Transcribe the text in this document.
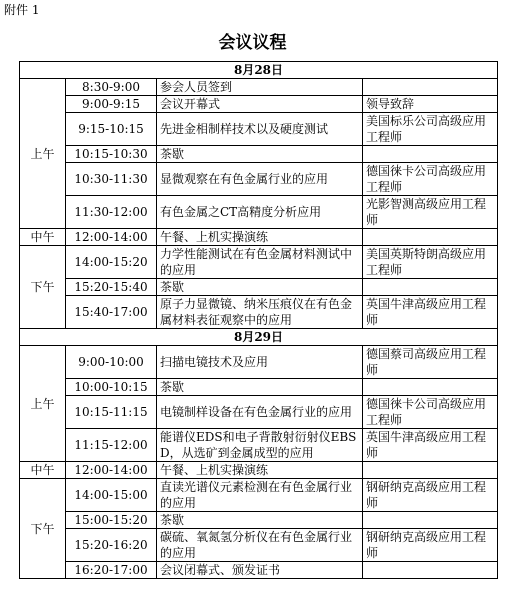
附件 1
会议议程
8月28日			
上午	8:30-9:00	参会人员签到	
	9:00-9:15	会议开幕式	领导致辞
	9:15-10:15	先进金相制样技术以及硬度测试	美国标乐公司高级应用工程师
	10:15-10:30	茶歇	
	10:30-11:30	显微观察在有色金属行业的应用	德国徕卡公司高级应用工程师
	11:30-12:00	有色金属之CT高精度分析应用	光影智测高级应用工程师
中午	12:00-14:00	午餐、上机实操演练	
下午	14:00-15:20	力学性能测试在有色金属材料测试中的应用	美国英斯特朗高级应用工程师
	15:20-15:40	茶歇	
	15:40-17:00	原子力显微镜、纳米压痕仪在有色金属材料表征观察中的应用	英国牛津高级应用工程师
8月29日			
上午	9:00-10:00	扫描电镜技术及应用	德国蔡司高级应用工程师
	10:00-10:15	茶歇	
	10:15-11:15	电镜制样设备在有色金属行业的应用	德国徕卡公司高级应用工程师
	11:15-12:00	能谱仪EDS和电子背散射衍射仪EBSD，从选矿到金属成型的应用	英国牛津高级应用工程师
中午	12:00-14:00	午餐、上机实操演练	
下午	14:00-15:00	直读光谱仪元素检测在有色金属行业的应用	钢研纳克高级应用工程师
	15:00-15:20	茶歇	
	15:20-16:20	碳硫、氧氮氢分析仪在有色金属行业的应用	钢研纳克高级应用工程师
	16:20-17:00	会议闭幕式、颁发证书	
